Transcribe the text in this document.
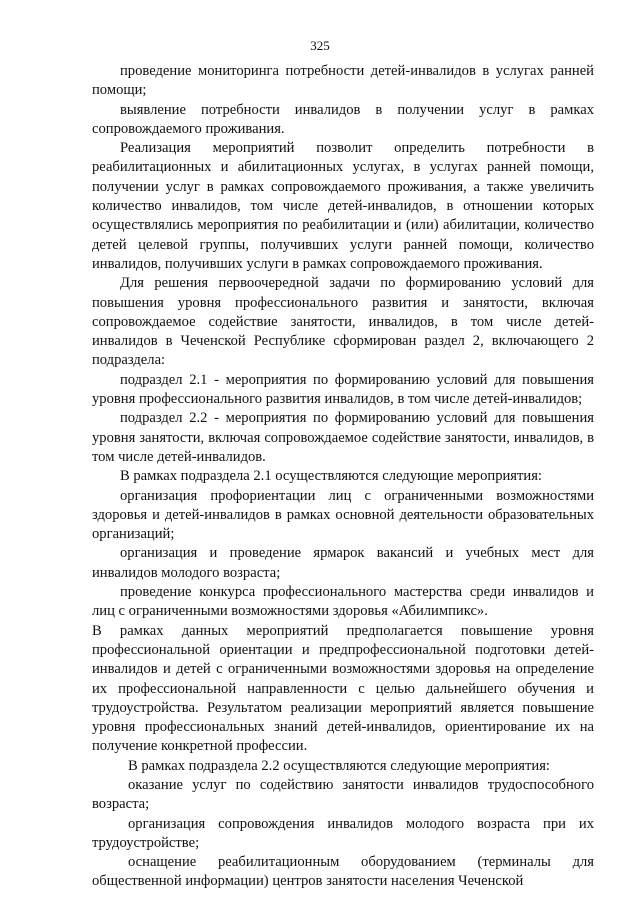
325

проведение мониторинга потребности детей-инвалидов в услугах ранней помощи;

выявление потребности инвалидов в получении услуг в рамках сопровождаемого проживания.

Реализация мероприятий позволит определить потребности в реабилитационных и абилитационных услугах, в услугах ранней помощи, получении услуг в рамках сопровождаемого проживания, а также увеличить количество инвалидов, том числе детей-инвалидов, в отношении которых осуществлялись мероприятия по реабилитации и (или) абилитации, количество детей целевой группы, получивших услуги ранней помощи, количество инвалидов, получивших услуги в рамках сопровождаемого проживания.

Для решения первоочередной задачи по формированию условий для повышения уровня профессионального развития и занятости, включая сопровождаемое содействие занятости, инвалидов, в том числе детей-инвалидов в Чеченской Республике сформирован раздел 2, включающего 2 подраздела:

подраздел 2.1 - мероприятия по формированию условий для повышения уровня профессионального развития инвалидов, в том числе детей-инвалидов;

подраздел 2.2 - мероприятия по формированию условий для повышения уровня занятости, включая сопровождаемое содействие занятости, инвалидов, в том числе детей-инвалидов.

В рамках подраздела 2.1 осуществляются следующие мероприятия:

организация профориентации лиц с ограниченными возможностями здоровья и детей-инвалидов в рамках основной деятельности образовательных организаций;

организация и проведение ярмарок вакансий и учебных мест для инвалидов молодого возраста;

проведение конкурса профессионального мастерства среди инвалидов и лиц с ограниченными возможностями здоровья «Абилимпикс».

В рамках данных мероприятий предполагается повышение уровня профессиональной ориентации и предпрофессиональной подготовки детей-инвалидов и детей с ограниченными возможностями здоровья на определение их профессиональной направленности с целью дальнейшего обучения и трудоустройства. Результатом реализации мероприятий является повышение уровня профессиональных знаний детей-инвалидов, ориентирование их на получение конкретной профессии.

В рамках подраздела 2.2 осуществляются следующие мероприятия:

оказание услуг по содействию занятости инвалидов трудоспособного возраста;

организация сопровождения инвалидов молодого возраста при их трудоустройстве;

оснащение реабилитационным оборудованием (терминалы для общественной информации) центров занятости населения Чеченской
